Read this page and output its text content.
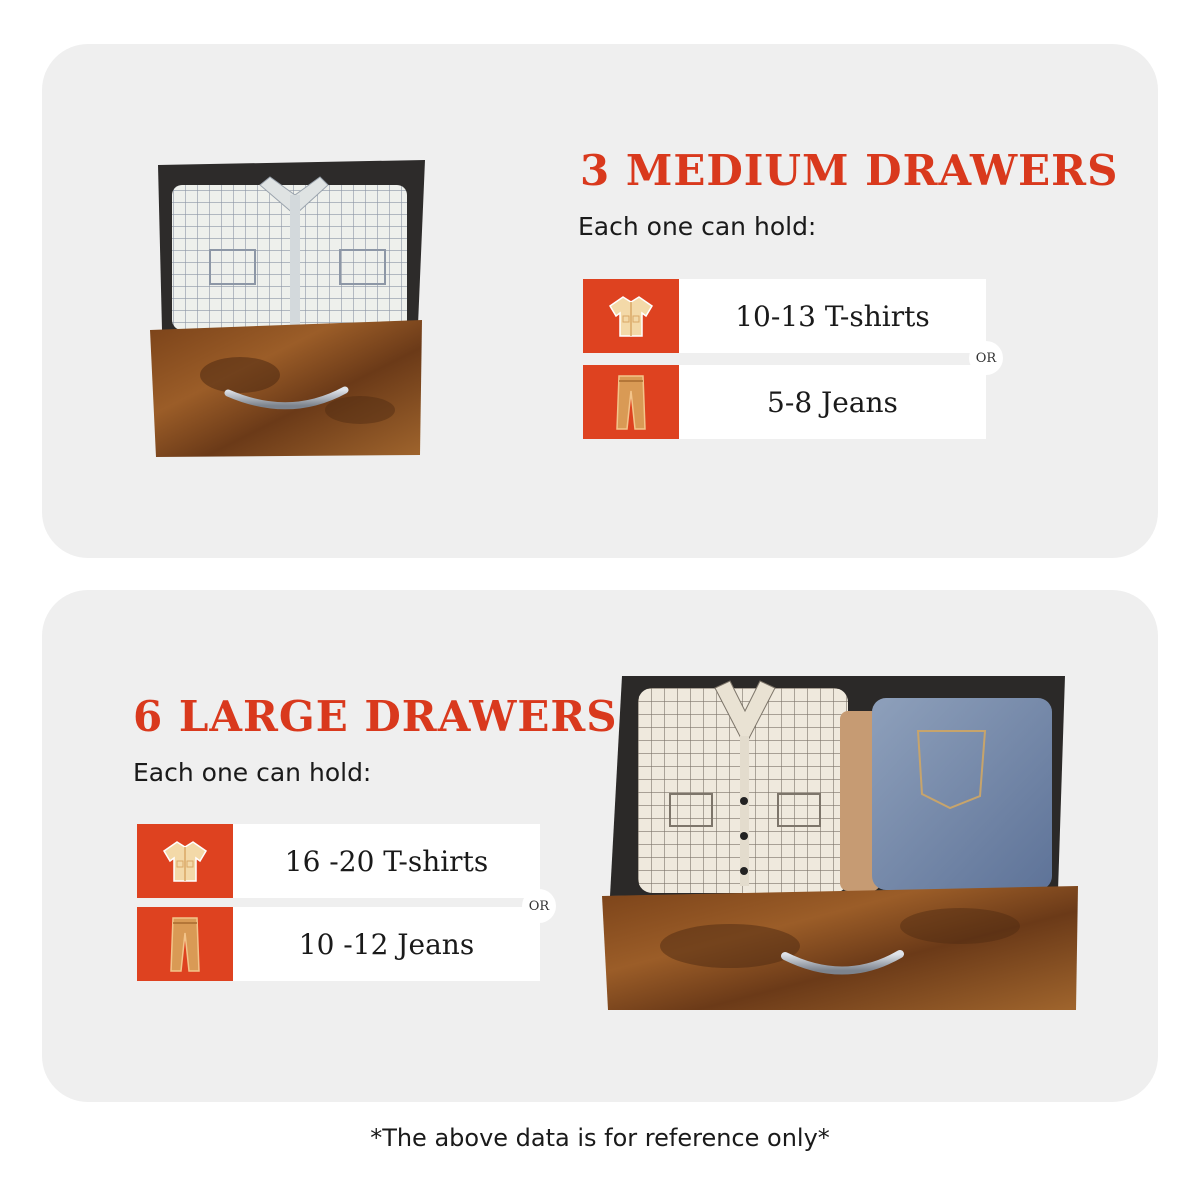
3 MEDIUM DRAWERS

Each one can hold:

10-13 T-shirts
5-8 Jeans
OR
6 LARGE DRAWERS

Each one can hold:

16 -20 T-shirts
10 -12 Jeans
OR

*The above data is for reference only*
